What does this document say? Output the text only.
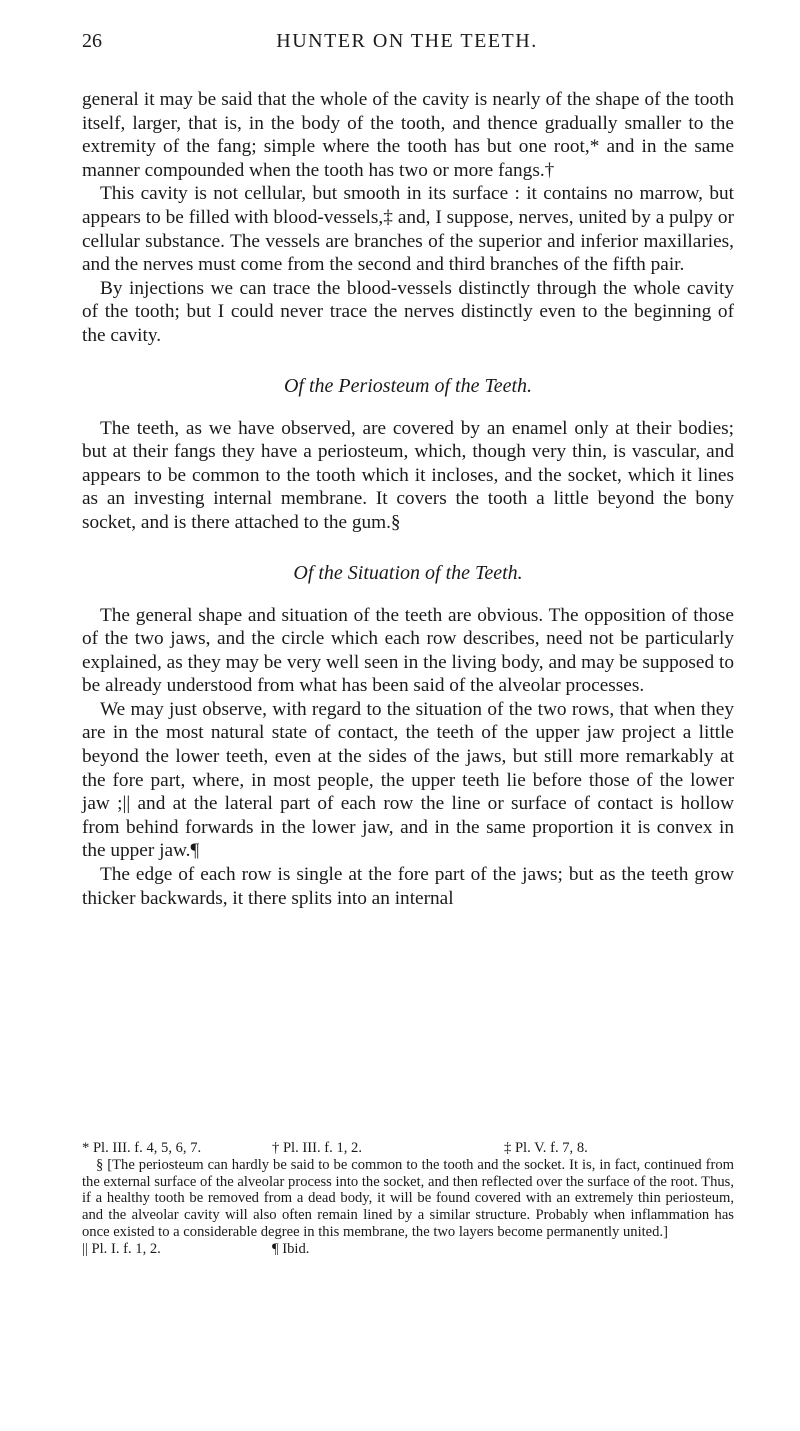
26	HUNTER ON THE TEETH.

general it may be said that the whole of the cavity is nearly of the shape of the tooth itself, larger, that is, in the body of the tooth, and thence gradually smaller to the extremity of the fang; simple where the tooth has but one root,* and in the same manner compounded when the tooth has two or more fangs.†

This cavity is not cellular, but smooth in its surface : it contains no marrow, but appears to be filled with blood-vessels,‡ and, I suppose, nerves, united by a pulpy or cellular substance. The vessels are branches of the superior and inferior maxillaries, and the nerves must come from the second and third branches of the fifth pair.

By injections we can trace the blood-vessels distinctly through the whole cavity of the tooth; but I could never trace the nerves distinctly even to the beginning of the cavity.

Of the Periosteum of the Teeth.

The teeth, as we have observed, are covered by an enamel only at their bodies; but at their fangs they have a periosteum, which, though very thin, is vascular, and appears to be common to the tooth which it incloses, and the socket, which it lines as an investing internal membrane. It covers the tooth a little beyond the bony socket, and is there attached to the gum.§

Of the Situation of the Teeth.

The general shape and situation of the teeth are obvious. The opposition of those of the two jaws, and the circle which each row describes, need not be particularly explained, as they may be very well seen in the living body, and may be supposed to be already understood from what has been said of the alveolar processes.

We may just observe, with regard to the situation of the two rows, that when they are in the most natural state of contact, the teeth of the upper jaw project a little beyond the lower teeth, even at the sides of the jaws, but still more remarkably at the fore part, where, in most people, the upper teeth lie before those of the lower jaw ;|| and at the lateral part of each row the line or surface of contact is hollow from behind forwards in the lower jaw, and in the same proportion it is convex in the upper jaw.¶

The edge of each row is single at the fore part of the jaws; but as the teeth grow thicker backwards, it there splits into an internal

* Pl. III. f. 4, 5, 6, 7.	† Pl. III. f. 1, 2.	‡ Pl. V. f. 7, 8.
§ [The periosteum can hardly be said to be common to the tooth and the socket. It is, in fact, continued from the external surface of the alveolar process into the socket, and then reflected over the surface of the root. Thus, if a healthy tooth be removed from a dead body, it will be found covered with an extremely thin periosteum, and the alveolar cavity will also often remain lined by a similar structure. Probably when inflammation has once existed to a considerable degree in this membrane, the two layers become permanently united.]
|| Pl. I. f. 1, 2.	¶ Ibid.
